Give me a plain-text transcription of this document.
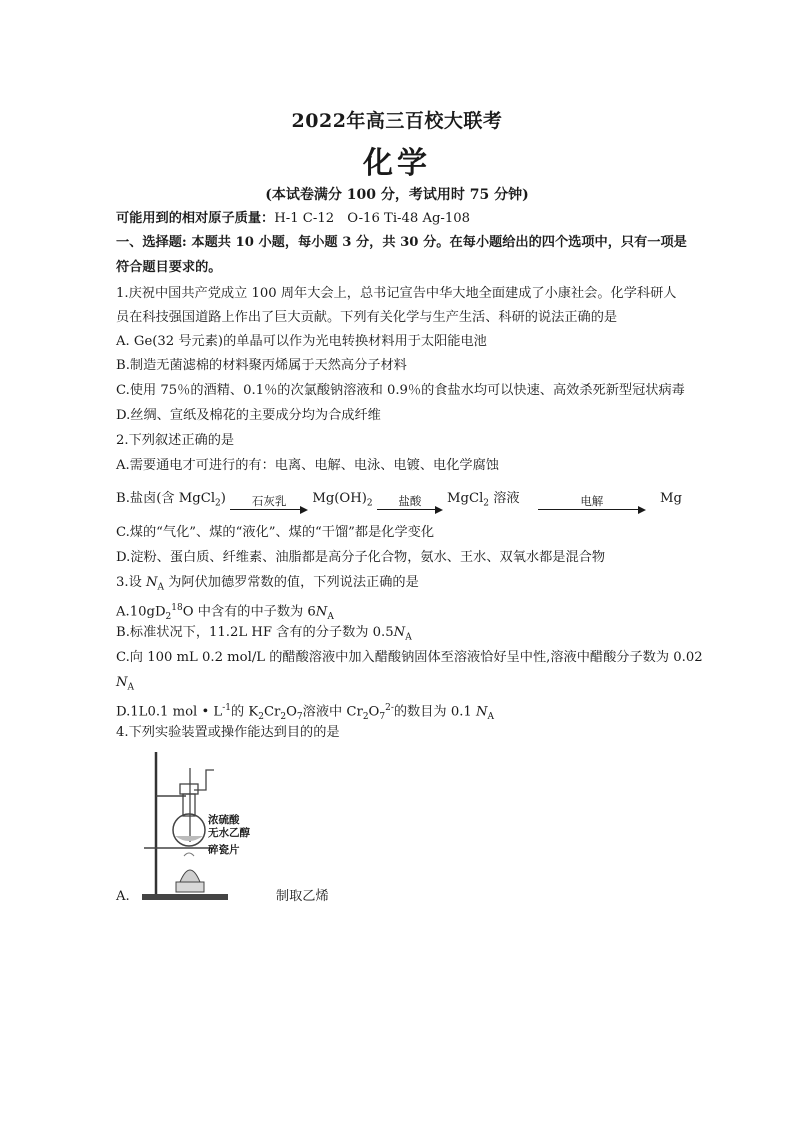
2022年高三百校大联考
化学
(本试卷满分 100 分，考试用时 75 分钟)
可能用到的相对原子质量：H-1 C-12　O-16 Ti-48 Ag-108
一、选择题: 本题共 10 小题，每小题 3 分，共 30 分。在每小题给出的四个选项中，只有一项是
符合题目要求的。
1.庆祝中国共产党成立 100 周年大会上，总书记宣告中华大地全面建成了小康社会。化学科研人
员在科技强国道路上作出了巨大贡献。下列有关化学与生产生活、科研的说法正确的是
A. Ge(32 号元素)的单晶可以作为光电转换材料用于太阳能电池
B.制造无菌滤棉的材料聚丙烯属于天然高分子材料
C.使用 75％的酒精、0.1％的次氯酸钠溶液和 0.9％的食盐水均可以快速、高效杀死新型冠状病毒
D.丝绸、宣纸及棉花的主要成分均为合成纤维
2.下列叙述正确的是
A.需要通电才可进行的有：电离、电解、电泳、电镀、电化学腐蚀
B.盐卤(含 MgCl$_2$)	石灰乳	$Mg(OH)_2$	盐酸	MgCl$_2$ 溶液	电解	Mg
C.煤的“气化”、煤的“液化”、煤的“干馏”都是化学变化
D.淀粉、蛋白质、纤维素、油脂都是高分子化合物，氨水、王水、双氧水都是混合物
3.设 $N_A$ 为阿伏加德罗常数的值，下列说法正确的是
$A.10gD_2^{18}O$ 中含有的中子数为 $6N_A$
B.标准状况下，11.2L HF 含有的分子数为 $0.5N_A$
C.向 100 mL 0.2 mol/L 的醋酸溶液中加入醋酸钠固体至溶液恰好呈中性,溶液中醋酸分子数为 0.02
$N_A$
D.1L0.1 mol • $L^{-1}$的 $K_2Cr_2O_7$溶液中 $Cr_2O_7^{2-}$的数目为 0.1 $N_A$
4.下列实验装置或操作能达到目的的是
浓硫酸
无水乙醇
碎瓷片
A.	制取乙烯
